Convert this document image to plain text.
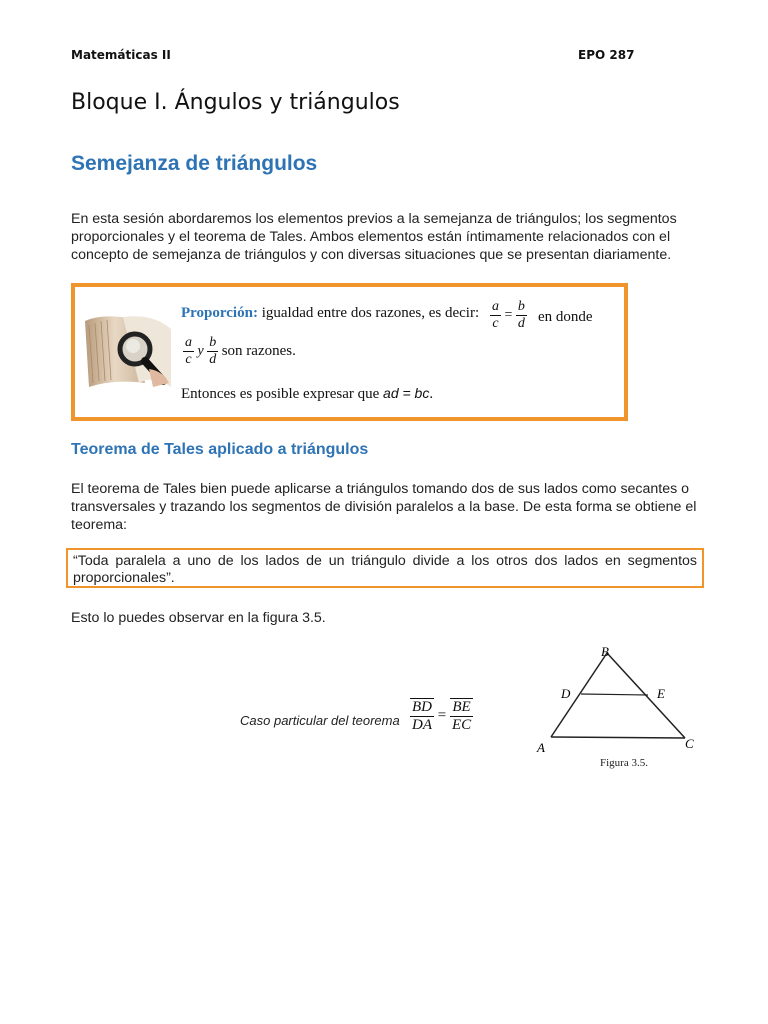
Matemáticas II	EPO 287
Bloque I. Ángulos y triángulos
Semejanza de triángulos
En esta sesión abordaremos los elementos previos a la semejanza de triángulos; los segmentos proporcionales y el teorema de Tales. Ambos elementos están íntimamente relacionados con el concepto de semejanza de triángulos y con diversas situaciones que se presentan diariamente.
Proporción: igualdad entre dos razones, es decir: $\frac{a}{c} = \frac{b}{d}$ en donde
$\frac{a}{c}$ y $\frac{b}{d}$ son razones.
Entonces es posible expresar que ad = bc.
Teorema de Tales aplicado a triángulos
El teorema de Tales bien puede aplicarse a triángulos tomando dos de sus lados como secantes o transversales y trazando los segmentos de división paralelos a la base. De esta forma se obtiene el teorema:
“Toda paralela a uno de los lados de un triángulo divide a los otros dos lados en segmentos proporcionales”.
Esto lo puedes observar en la figura 3.5.
Caso particular del teorema $\frac{BD}{DA} = \frac{BE}{EC}$
B
D	E
A	C
Figura 3.5.
